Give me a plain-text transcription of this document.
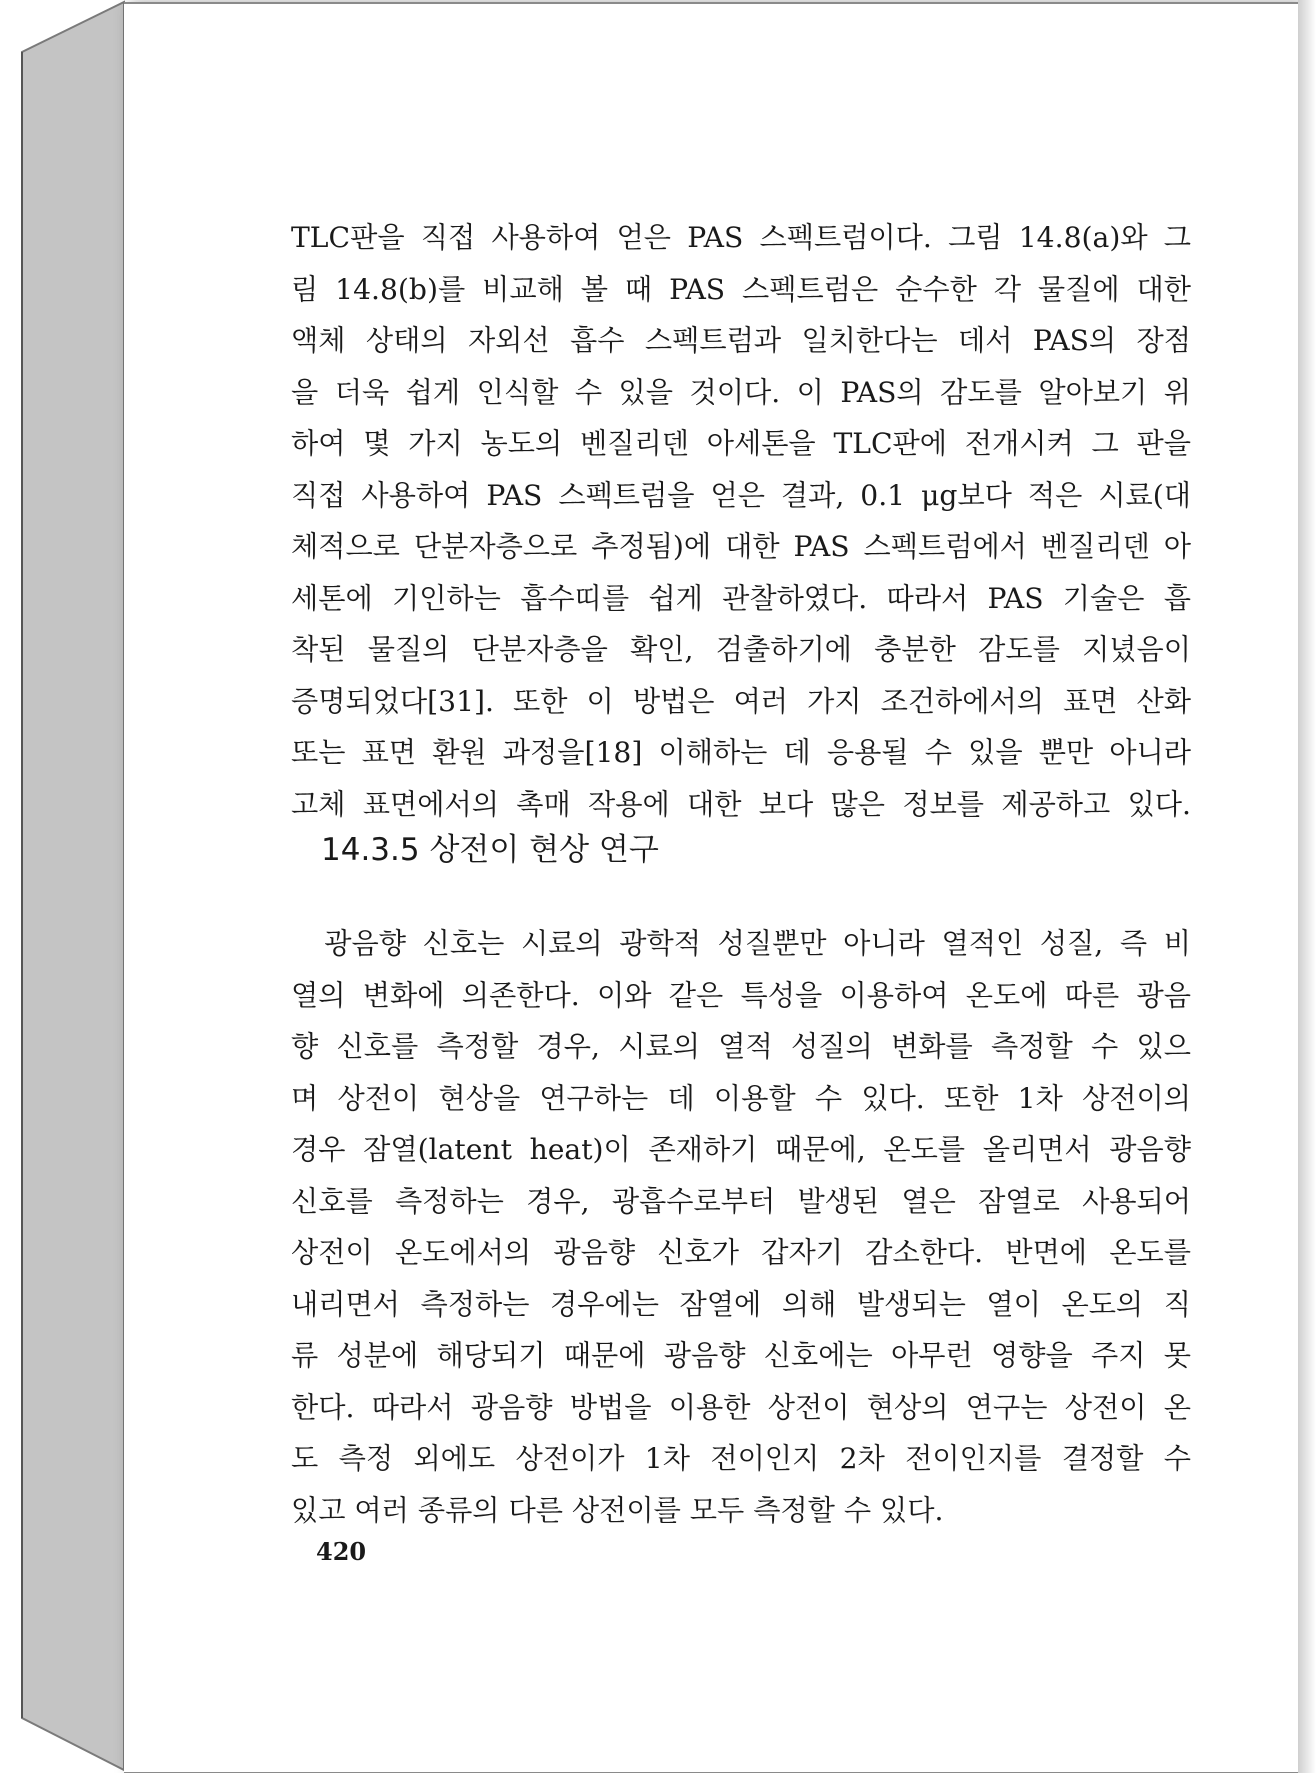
TLC판을 직접 사용하여 얻은 PAS 스펙트럼이다. 그림 14.8(a)와 그
림 14.8(b)를 비교해 볼 때 PAS 스펙트럼은 순수한 각 물질에 대한
액체 상태의 자외선 흡수 스펙트럼과 일치한다는 데서 PAS의 장점
을 더욱 쉽게 인식할 수 있을 것이다. 이 PAS의 감도를 알아보기 위
하여 몇 가지 농도의 벤질리덴 아세톤을 TLC판에 전개시켜 그 판을
직접 사용하여 PAS 스펙트럼을 얻은 결과, 0.1 μg보다 적은 시료(대
체적으로 단분자층으로 추정됨)에 대한 PAS 스펙트럼에서 벤질리덴 아
세톤에 기인하는 흡수띠를 쉽게 관찰하였다. 따라서 PAS 기술은 흡
착된 물질의 단분자층을 확인, 검출하기에 충분한 감도를 지녔음이
증명되었다[31]. 또한 이 방법은 여러 가지 조건하에서의 표면 산화
또는 표면 환원 과정을[18] 이해하는 데 응용될 수 있을 뿐만 아니라
고체 표면에서의 촉매 작용에 대한 보다 많은 정보를 제공하고 있다.
14.3.5 상전이 현상 연구
광음향 신호는 시료의 광학적 성질뿐만 아니라 열적인 성질, 즉 비
열의 변화에 의존한다. 이와 같은 특성을 이용하여 온도에 따른 광음
향 신호를 측정할 경우, 시료의 열적 성질의 변화를 측정할 수 있으
며 상전이 현상을 연구하는 데 이용할 수 있다. 또한 1차 상전이의
경우 잠열(latent heat)이 존재하기 때문에, 온도를 올리면서 광음향
신호를 측정하는 경우, 광흡수로부터 발생된 열은 잠열로 사용되어
상전이 온도에서의 광음향 신호가 갑자기 감소한다. 반면에 온도를
내리면서 측정하는 경우에는 잠열에 의해 발생되는 열이 온도의 직
류 성분에 해당되기 때문에 광음향 신호에는 아무런 영향을 주지 못
한다. 따라서 광음향 방법을 이용한 상전이 현상의 연구는 상전이 온
도 측정 외에도 상전이가 1차 전이인지 2차 전이인지를 결정할 수
있고 여러 종류의 다른 상전이를 모두 측정할 수 있다.
420
